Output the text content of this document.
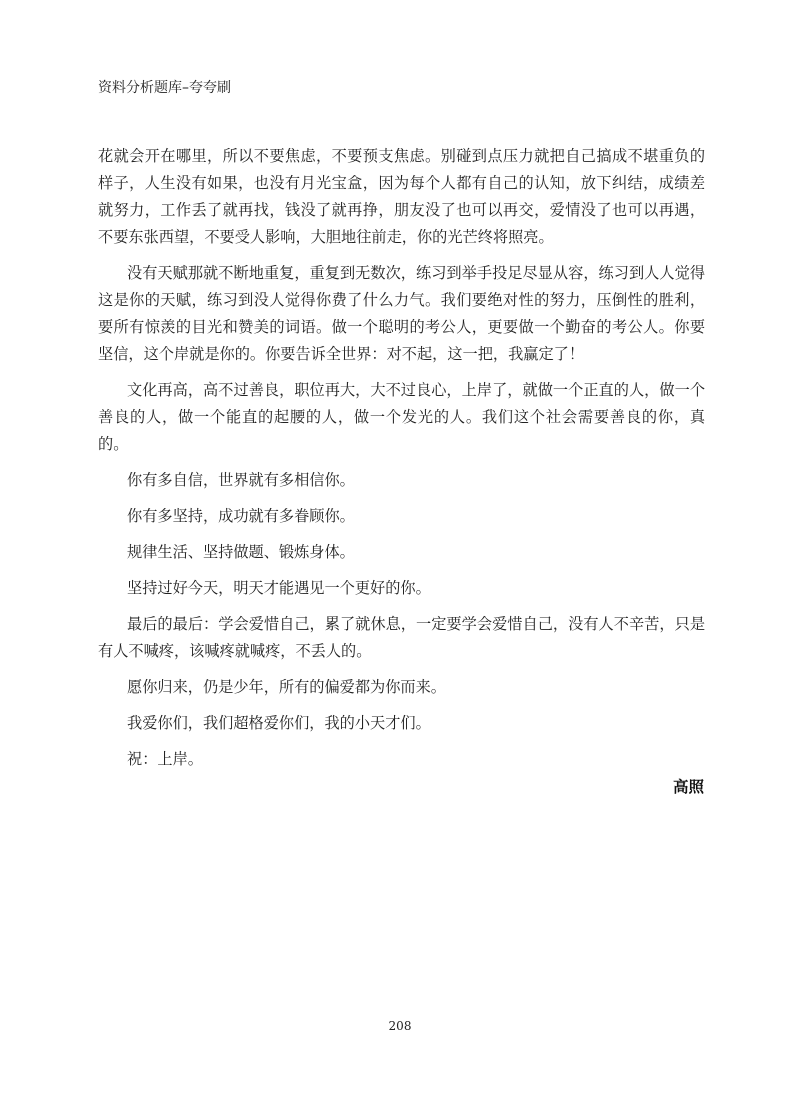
资料分析题库–夸夸刷

花就会开在哪里，所以不要焦虑，不要预支焦虑。别碰到点压力就把自己搞成不堪重负的样子，人生没有如果，也没有月光宝盒，因为每个人都有自己的认知，放下纠结，成绩差就努力，工作丢了就再找，钱没了就再挣，朋友没了也可以再交，爱情没了也可以再遇，不要东张西望，不要受人影响，大胆地往前走，你的光芒终将照亮。

没有天赋那就不断地重复，重复到无数次，练习到举手投足尽显从容，练习到人人觉得这是你的天赋，练习到没人觉得你费了什么力气。我们要绝对性的努力，压倒性的胜利，要所有惊羡的目光和赞美的词语。做一个聪明的考公人，更要做一个勤奋的考公人。你要坚信，这个岸就是你的。你要告诉全世界：对不起，这一把，我赢定了！

文化再高，高不过善良，职位再大，大不过良心，上岸了，就做一个正直的人，做一个善良的人，做一个能直的起腰的人，做一个发光的人。我们这个社会需要善良的你，真的。

你有多自信，世界就有多相信你。

你有多坚持，成功就有多眷顾你。

规律生活、坚持做题、锻炼身体。

坚持过好今天，明天才能遇见一个更好的你。

最后的最后：学会爱惜自己，累了就休息，一定要学会爱惜自己，没有人不辛苦，只是有人不喊疼，该喊疼就喊疼，不丢人的。

愿你归来，仍是少年，所有的偏爱都为你而来。

我爱你们，我们超格爱你们，我的小天才们。

祝：上岸。

高照
208
